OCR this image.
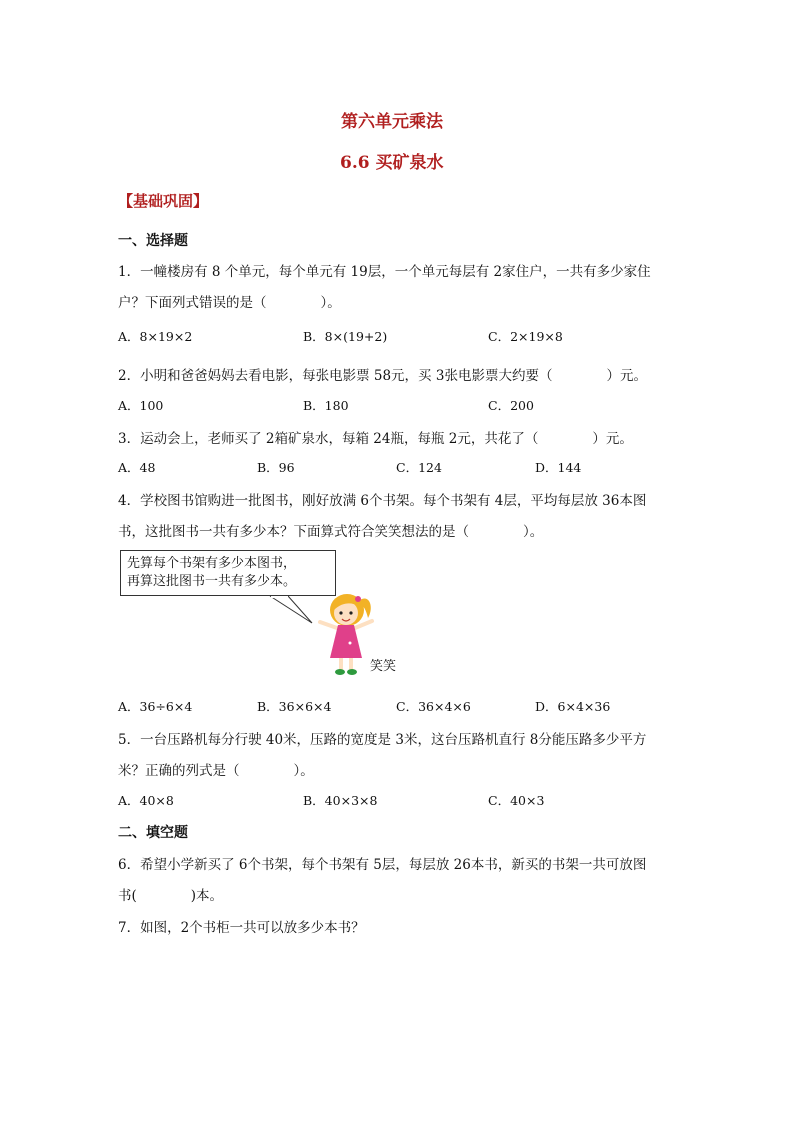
第六单元乘法
6.6 买矿泉水
【基础巩固】
一、选择题
1．一幢楼房有 8 个单元，每个单元有 19层，一个单元每层有 2家住户，一共有多少家住
户？下面列式错误的是（　　　　）。
A．8×19×2	B．8×(19+2)	C．2×19×8
2．小明和爸爸妈妈去看电影，每张电影票 58元，买 3张电影票大约要（　　　　）元。
A．100	B．180	C．200
3．运动会上，老师买了 2箱矿泉水，每箱 24瓶，每瓶 2元，共花了（　　　　）元。
A．48	B．96	C．124	D．144
4．学校图书馆购进一批图书，刚好放满 6个书架。每个书架有 4层，平均每层放 36本图
书，这批图书一共有多少本？下面算式符合笑笑想法的是（　　　　）。
先算每个书架有多少本图书，
再算这批图书一共有多少本。
笑笑
A．36÷6×4	B．36×6×4	C．36×4×6	D．6×4×36
5．一台压路机每分行驶 40米，压路的宽度是 3米，这台压路机直行 8分能压路多少平方
米？正确的列式是（　　　　）。
A．40×8	B．40×3×8	C．40×3
二、填空题
6．希望小学新买了 6个书架，每个书架有 5层，每层放 26本书，新买的书架一共可放图
书(　　　　)本。
7．如图，2个书柜一共可以放多少本书？
